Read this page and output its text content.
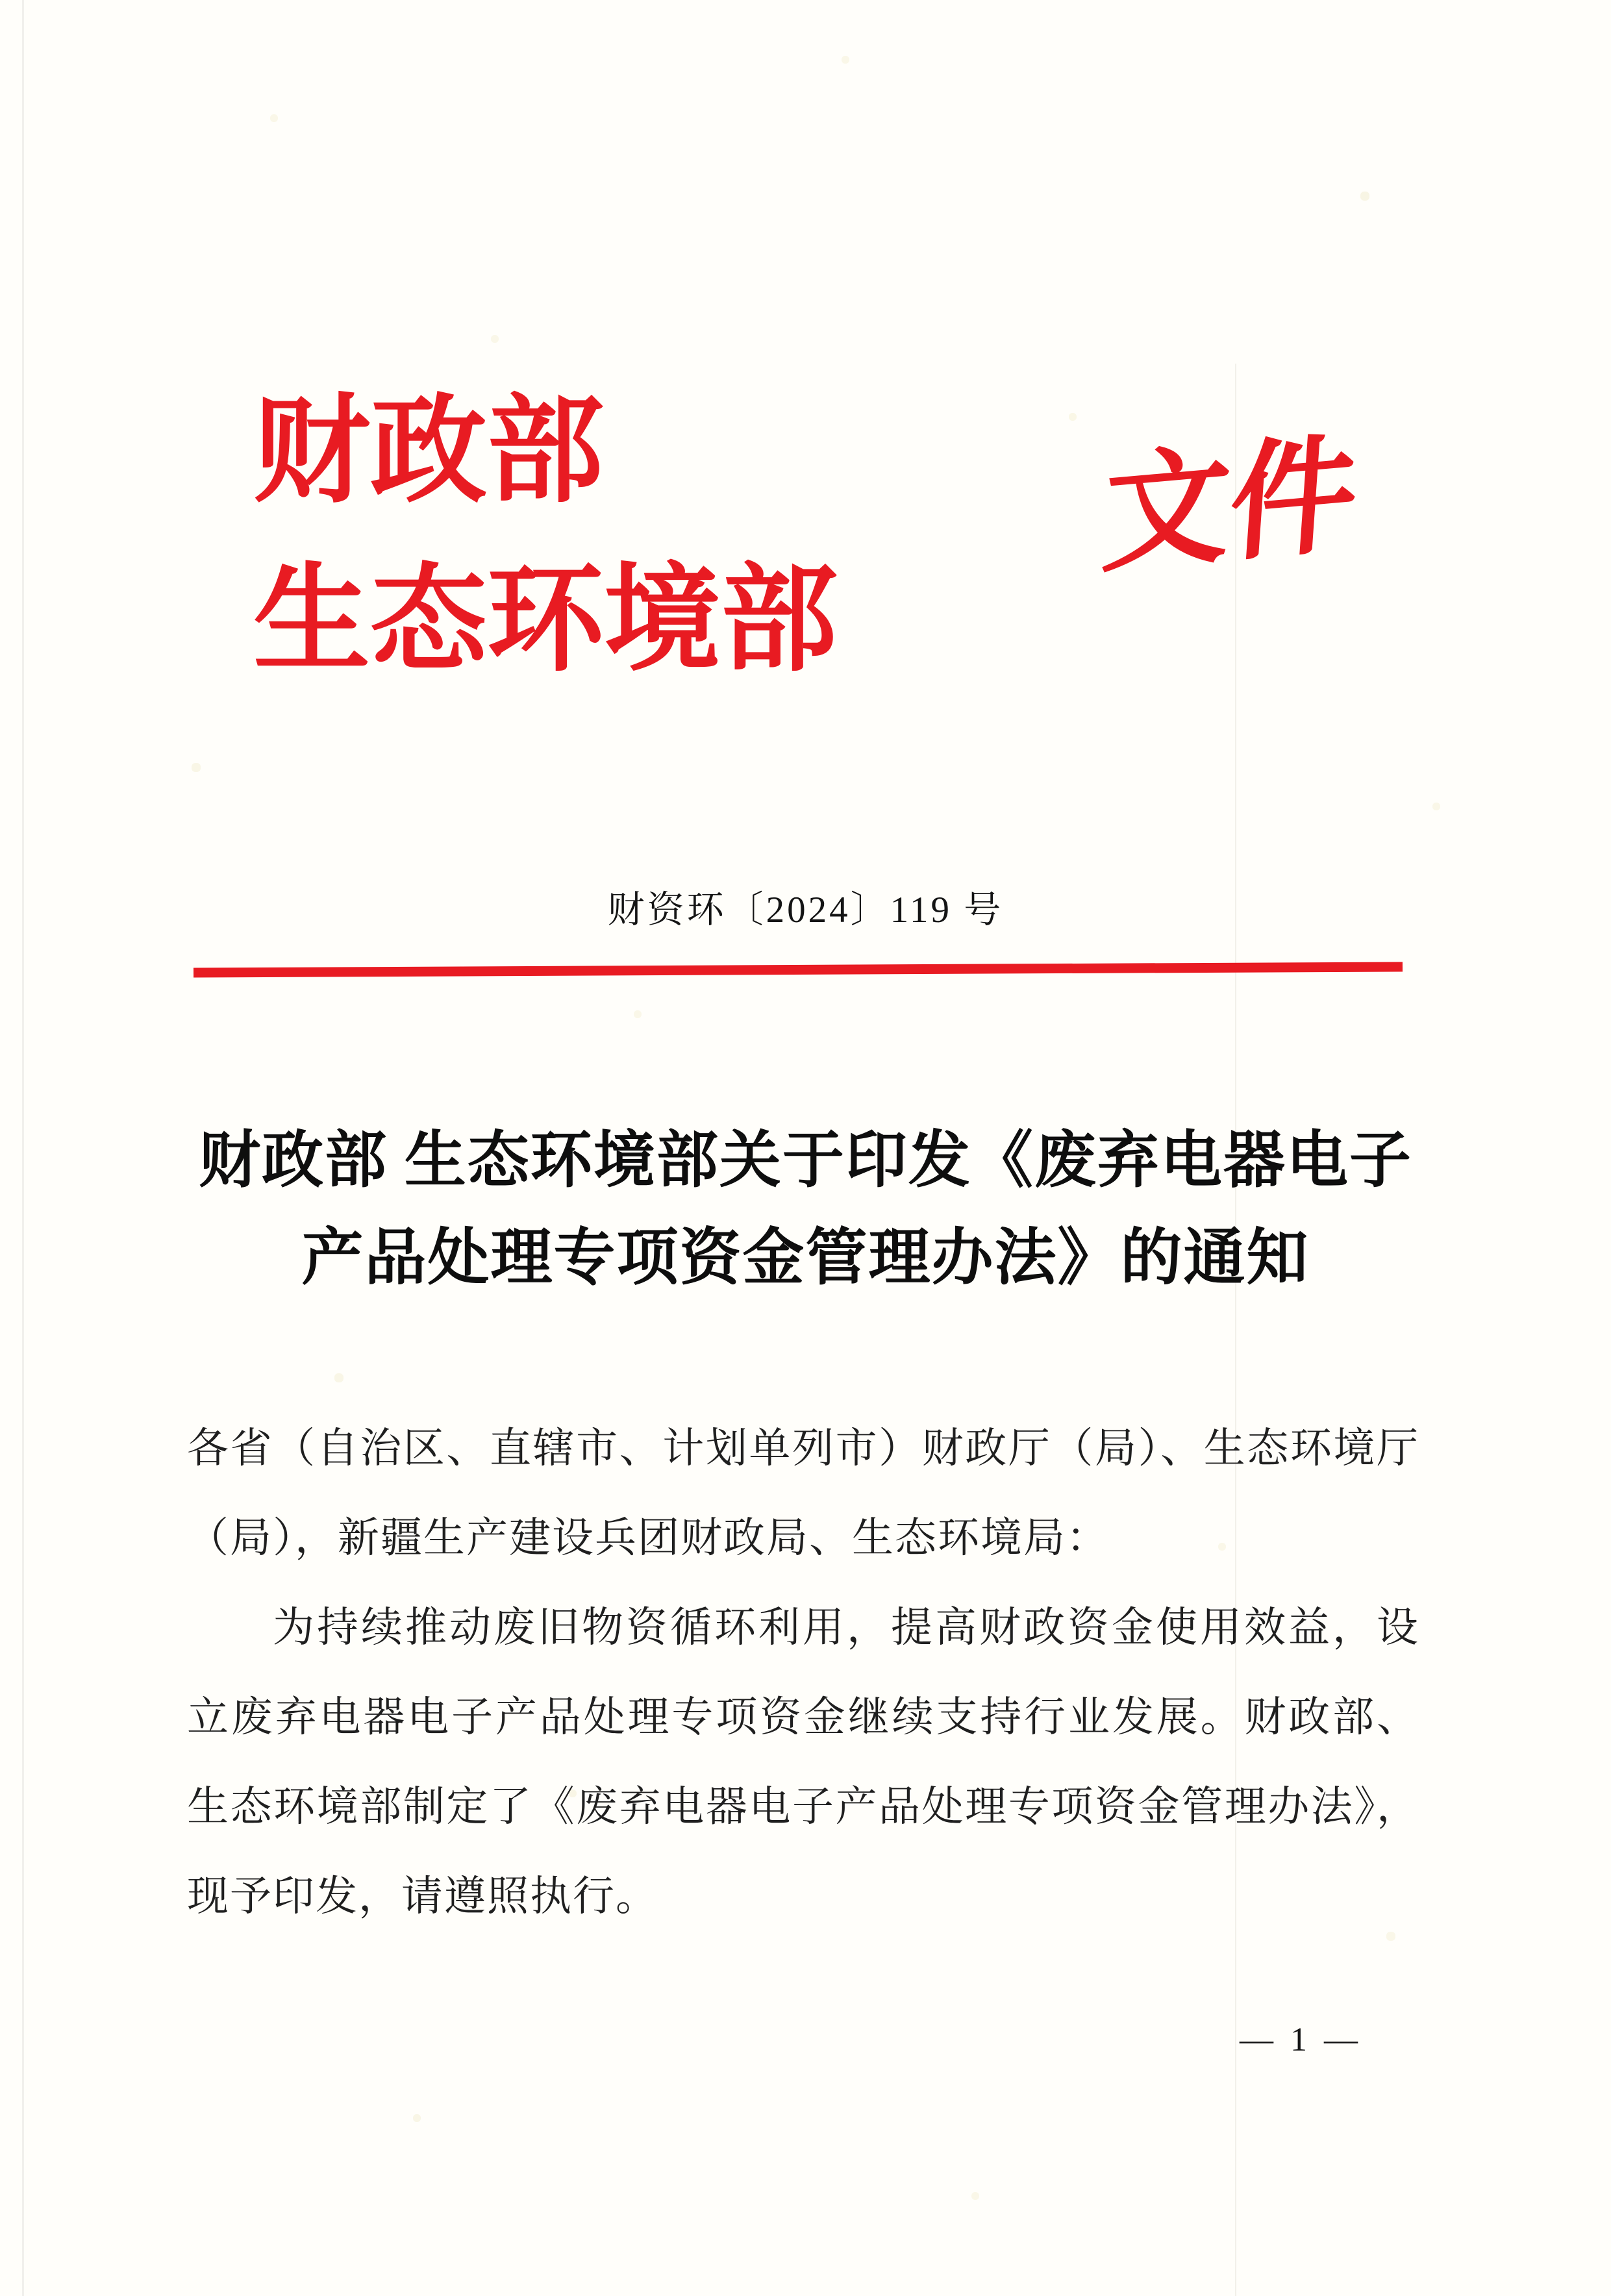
财政部
生态环境部
文件
财资环〔2024〕119 号
财政部 生态环境部关于印发《废弃电器电子
产品处理专项资金管理办法》的通知
各省（自治区、直辖市、计划单列市）财政厅（局）、生态环境厅
（局），新疆生产建设兵团财政局、生态环境局：
为持续推动废旧物资循环利用，提高财政资金使用效益，设
立废弃电器电子产品处理专项资金继续支持行业发展。财政部、
生态环境部制定了《废弃电器电子产品处理专项资金管理办法》，
现予印发，请遵照执行。
— 1 —
